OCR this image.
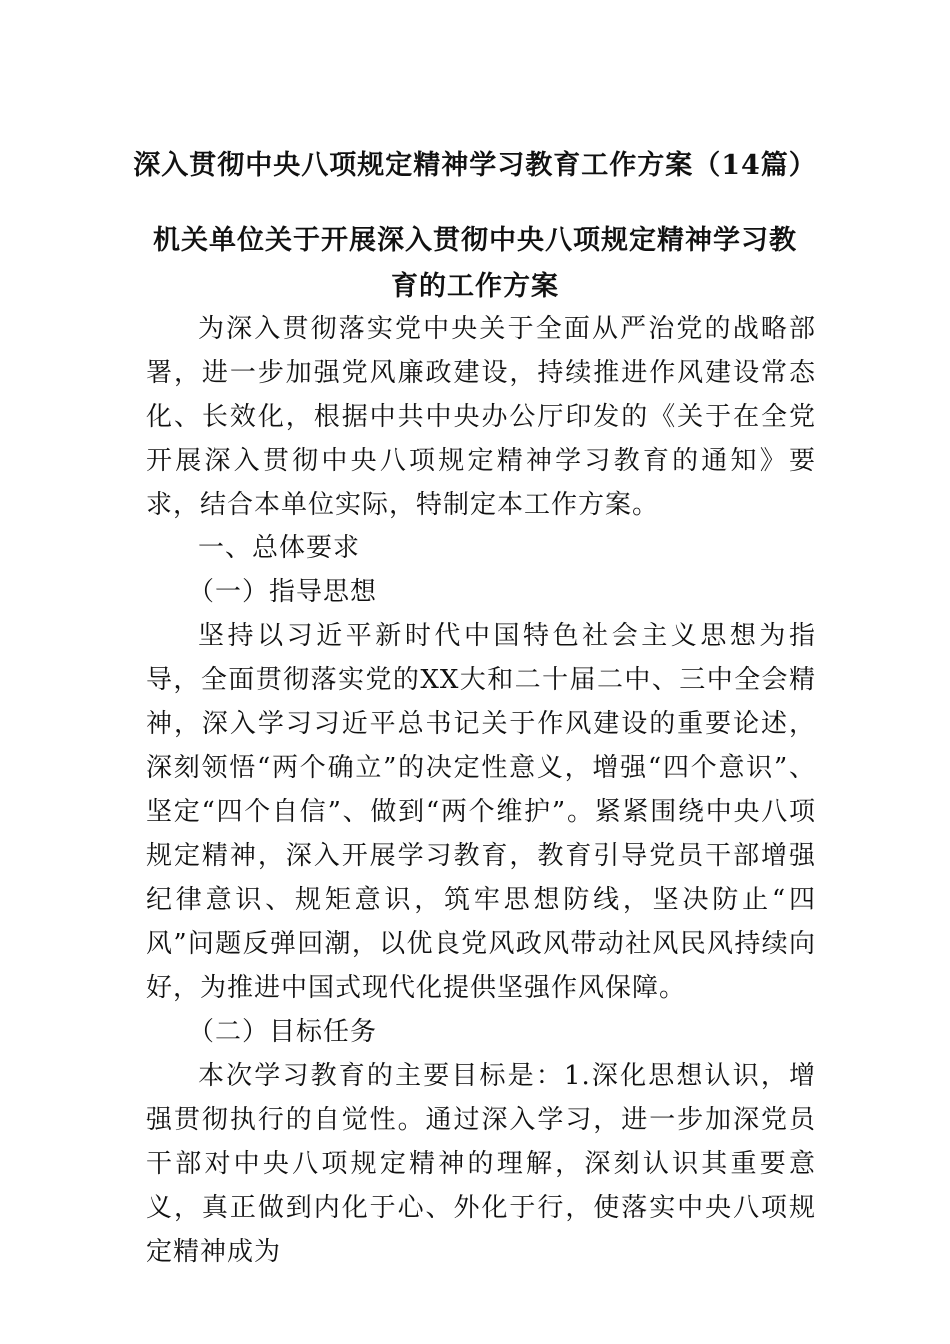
深入贯彻中央八项规定精神学习教育工作方案（14篇）
机关单位关于开展深入贯彻中央八项规定精神学习教育的工作方案
为深入贯彻落实党中央关于全面从严治党的战略部署，进一步加强党风廉政建设，持续推进作风建设常态化、长效化，根据中共中央办公厅印发的《关于在全党开展深入贯彻中央八项规定精神学习教育的通知》要求，结合本单位实际，特制定本工作方案。
一、总体要求
（一）指导思想
坚持以习近平新时代中国特色社会主义思想为指导，全面贯彻落实党的XX大和二十届二中、三中全会精神，深入学习习近平总书记关于作风建设的重要论述，深刻领悟“两个确立”的决定性意义，增强“四个意识”、坚定“四个自信”、做到“两个维护”。紧紧围绕中央八项规定精神，深入开展学习教育，教育引导党员干部增强纪律意识、规矩意识，筑牢思想防线，坚决防止“四风”问题反弹回潮，以优良党风政风带动社风民风持续向好，为推进中国式现代化提供坚强作风保障。
（二）目标任务
本次学习教育的主要目标是：1.深化思想认识，增强贯彻执行的自觉性。通过深入学习，进一步加深党员干部对中央八项规定精神的理解，深刻认识其重要意义，真正做到内化于心、外化于行，使落实中央八项规定精神成为
